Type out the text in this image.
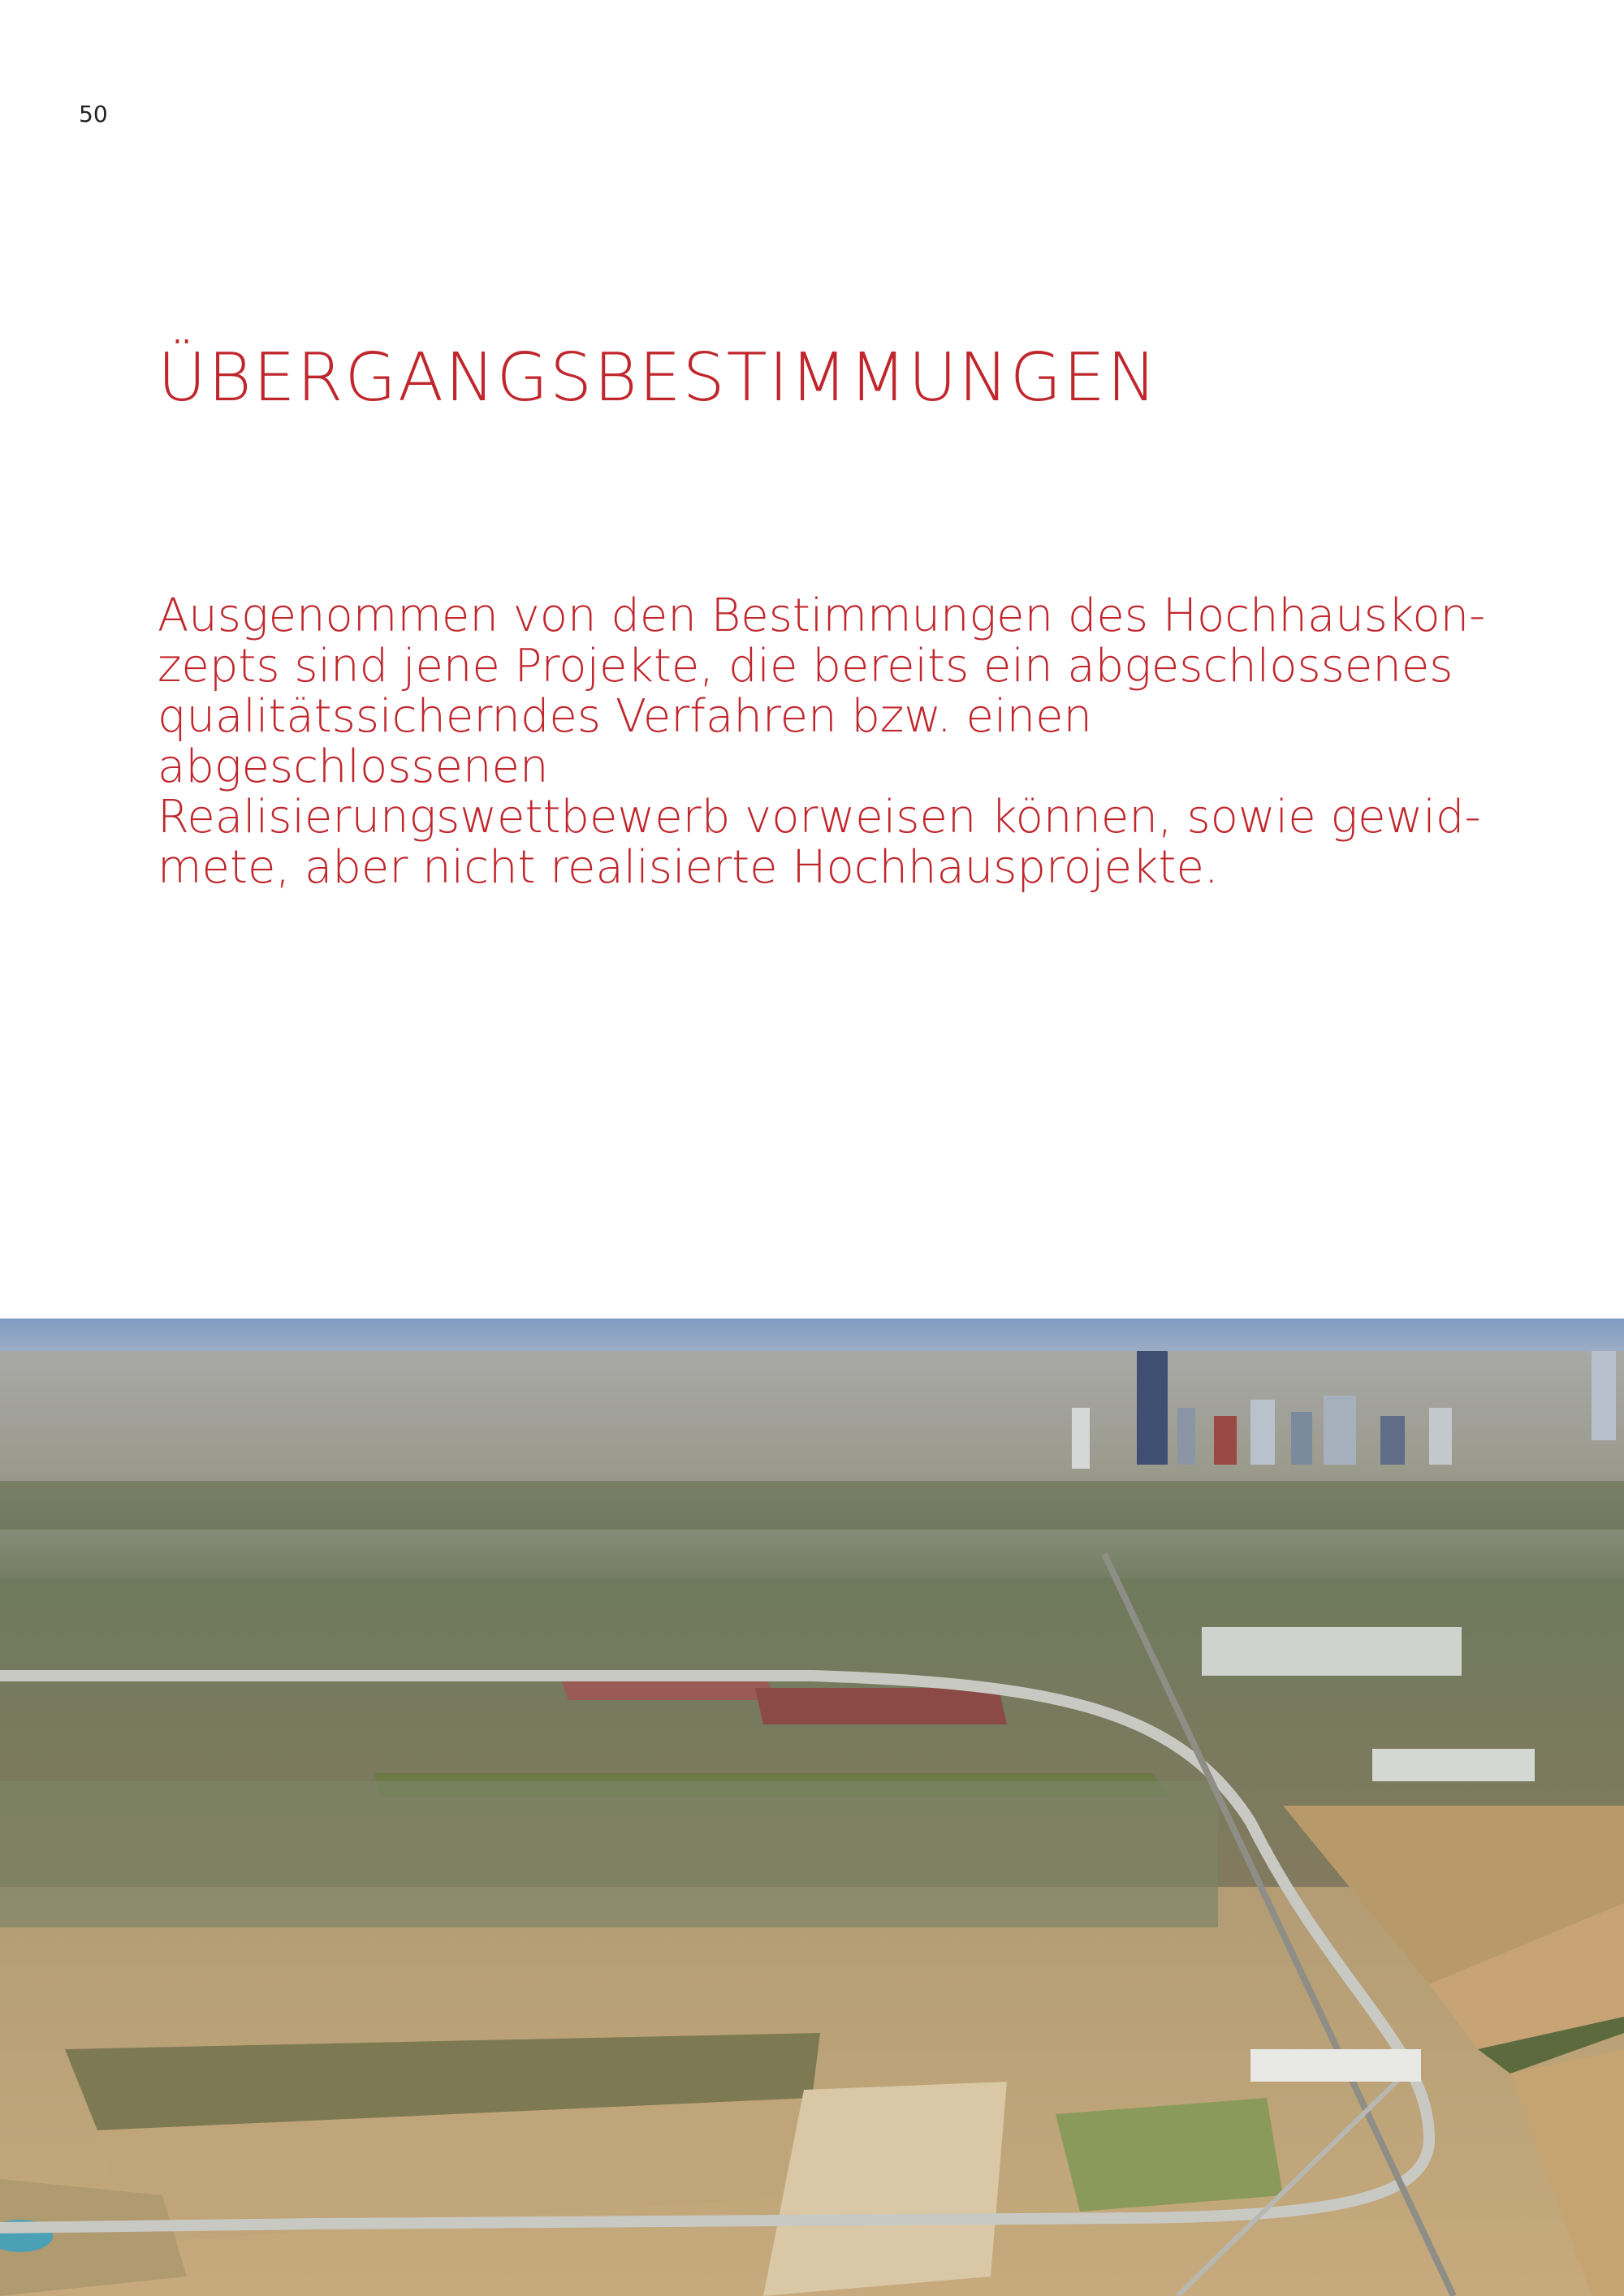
50
ÜBERGANGSBESTIMMUNGEN

Ausgenommen von den Bestimmungen des Hochhauskon-
zepts sind jene Projekte, die bereits ein abgeschlossenes
qualitätssicherndes Verfahren bzw. einen abgeschlossenen
Realisierungswettbewerb vorweisen können, sowie gewid-
mete, aber nicht realisierte Hochhausprojekte.
